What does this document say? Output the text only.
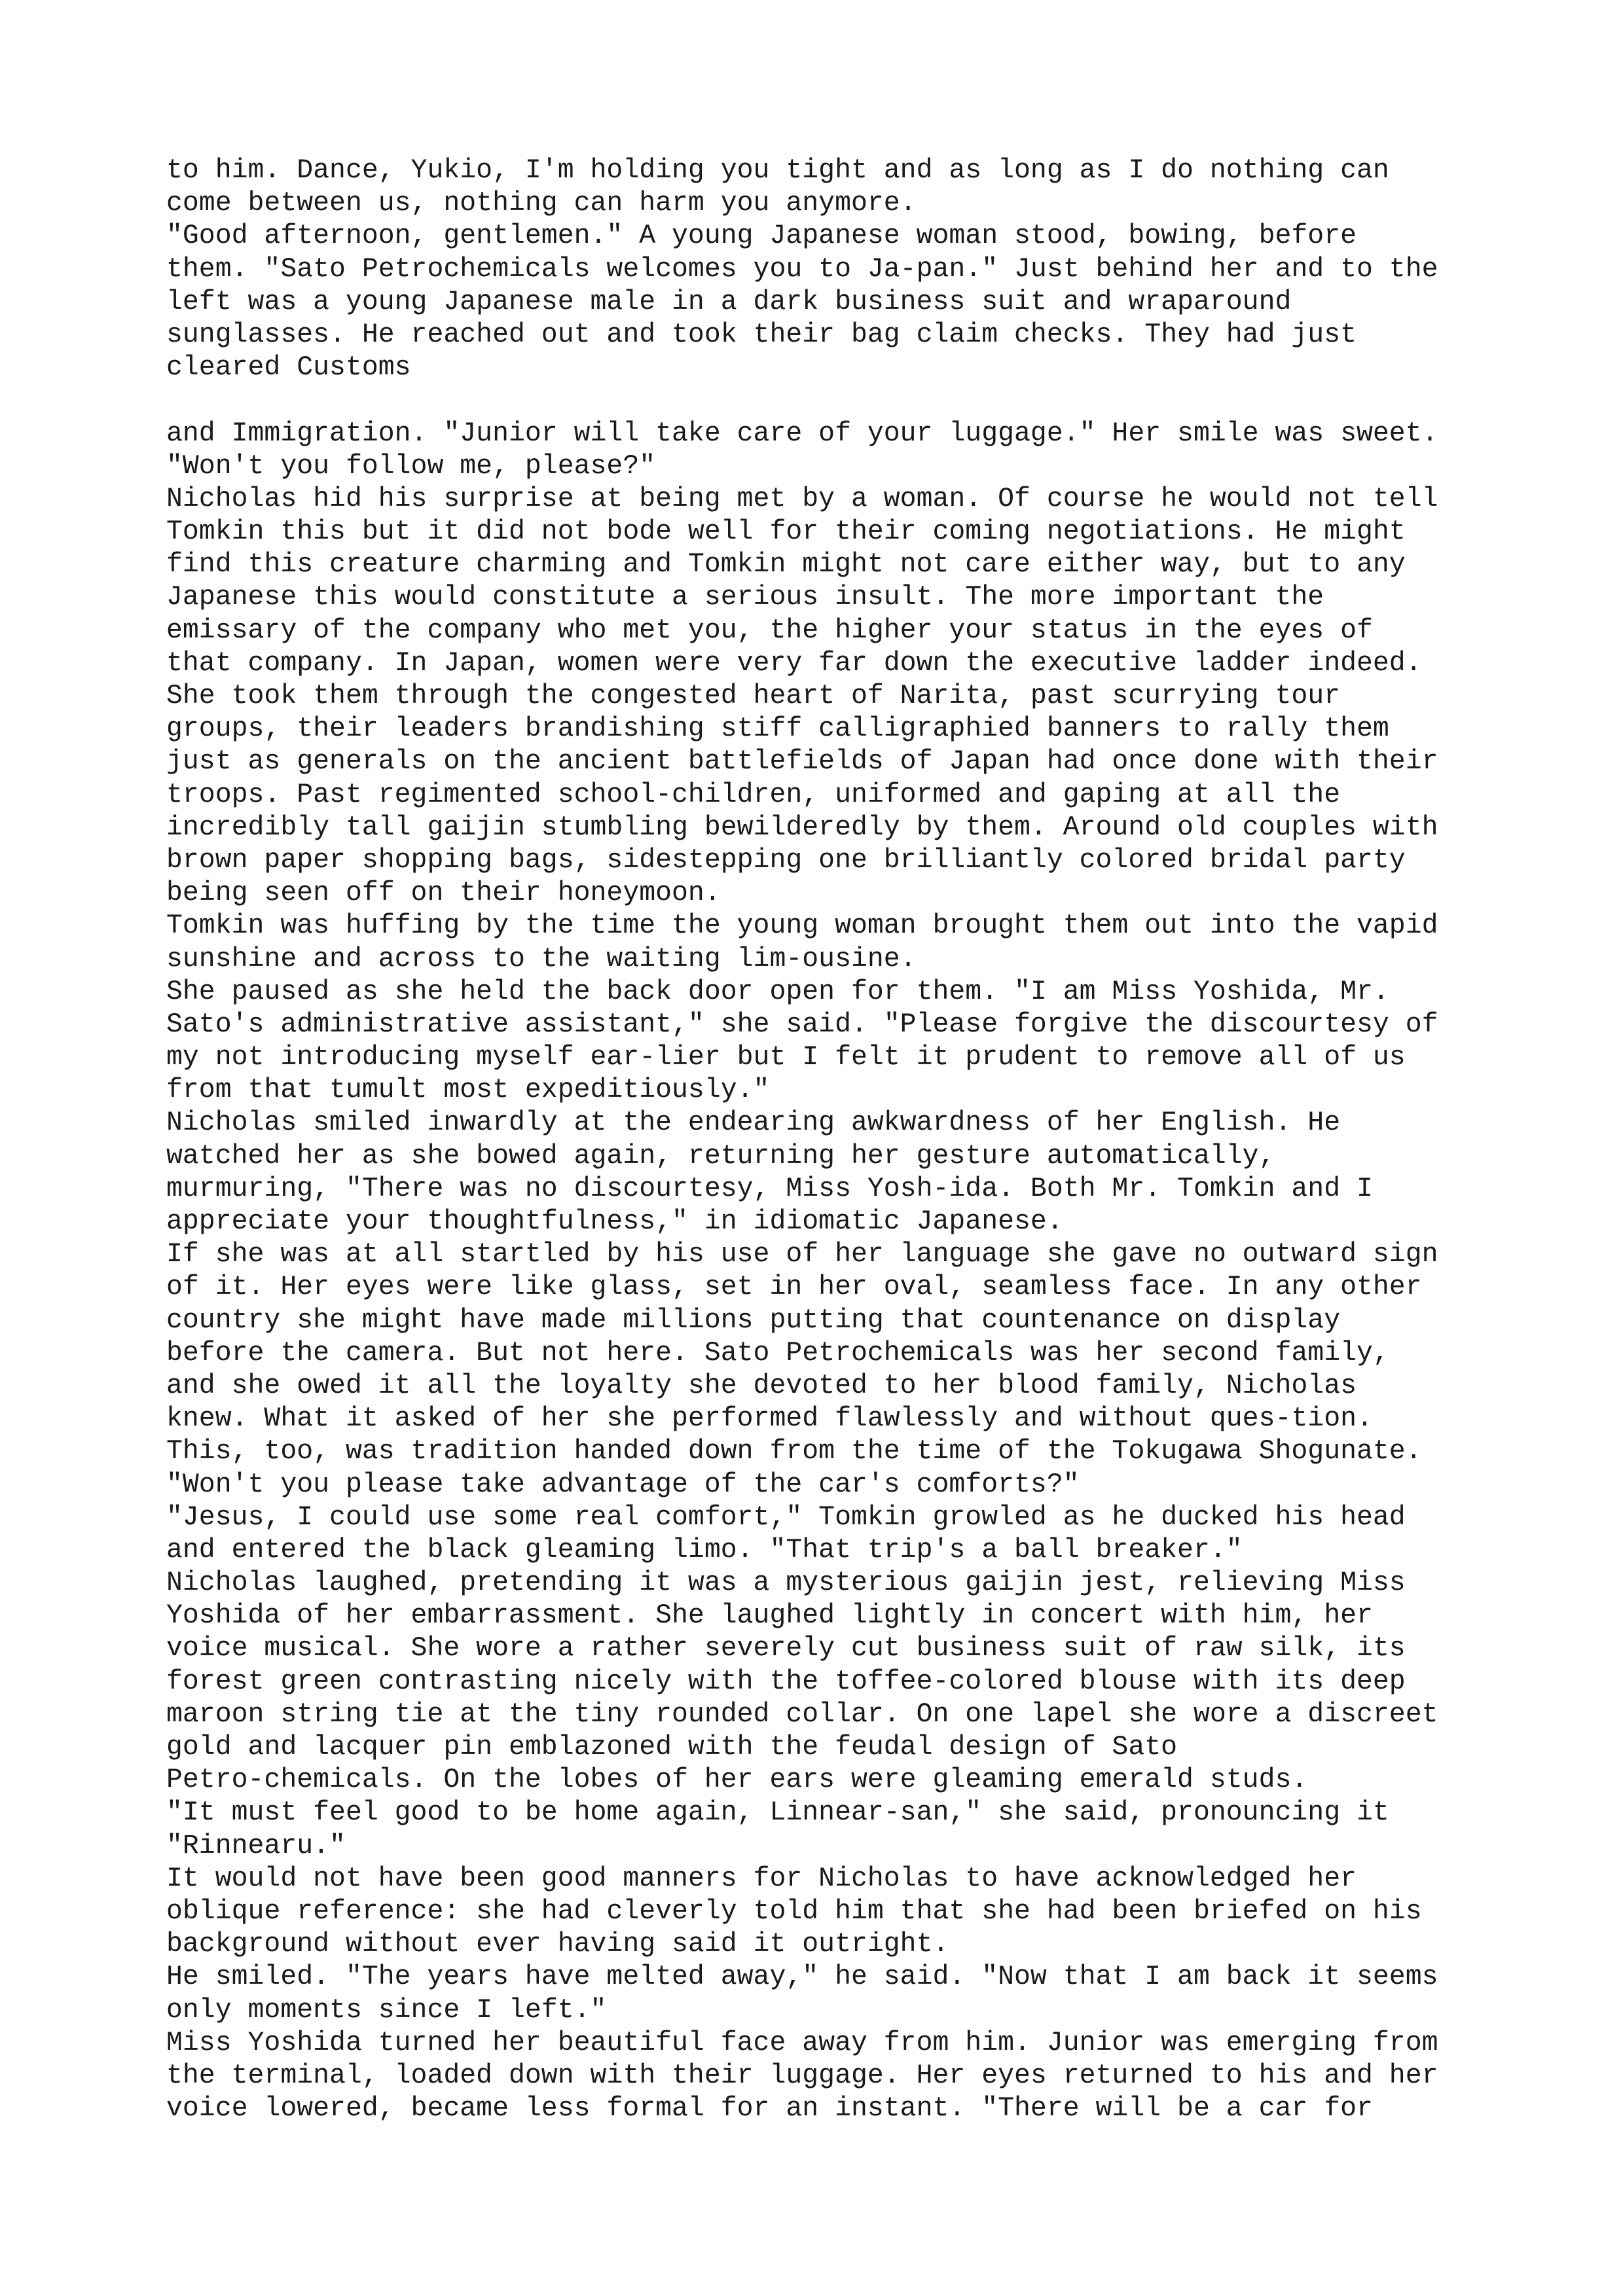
to him. Dance, Yukio, I'm holding you tight and as long as I do nothing can
come between us, nothing can harm you anymore.
"Good afternoon, gentlemen." A young Japanese woman stood, bowing, before
them. "Sato Petrochemicals welcomes you to Ja-pan." Just behind her and to the
left was a young Japanese male in a dark business suit and wraparound
sunglasses. He reached out and took their bag claim checks. They had just
cleared Customs
and Immigration. "Junior will take care of your luggage." Her smile was sweet.
"Won't you follow me, please?"
Nicholas hid his surprise at being met by a woman. Of course he would not tell
Tomkin this but it did not bode well for their coming negotiations. He might
find this creature charming and Tomkin might not care either way, but to any
Japanese this would constitute a serious insult. The more important the
emissary of the company who met you, the higher your status in the eyes of
that company. In Japan, women were very far down the executive ladder indeed.
She took them through the congested heart of Narita, past scurrying tour
groups, their leaders brandishing stiff calligraphied banners to rally them
just as generals on the ancient battlefields of Japan had once done with their
troops. Past regimented school-children, uniformed and gaping at all the
incredibly tall gaijin stumbling bewilderedly by them. Around old couples with
brown paper shopping bags, sidestepping one brilliantly colored bridal party
being seen off on their honeymoon.
Tomkin was huffing by the time the young woman brought them out into the vapid
sunshine and across to the waiting lim-ousine.
She paused as she held the back door open for them. "I am Miss Yoshida, Mr.
Sato's administrative assistant," she said. "Please forgive the discourtesy of
my not introducing myself ear-lier but I felt it prudent to remove all of us
from that tumult most expeditiously."
Nicholas smiled inwardly at the endearing awkwardness of her English. He
watched her as she bowed again, returning her gesture automatically,
murmuring, "There was no discourtesy, Miss Yosh-ida. Both Mr. Tomkin and I
appreciate your thoughtfulness," in idiomatic Japanese.
If she was at all startled by his use of her language she gave no outward sign
of it. Her eyes were like glass, set in her oval, seamless face. In any other
country she might have made millions putting that countenance on display
before the camera. But not here. Sato Petrochemicals was her second family,
and she owed it all the loyalty she devoted to her blood family, Nicholas
knew. What it asked of her she performed flawlessly and without ques-tion.
This, too, was tradition handed down from the time of the Tokugawa Shogunate.
"Won't you please take advantage of the car's comforts?"
"Jesus, I could use some real comfort," Tomkin growled as he ducked his head
and entered the black gleaming limo. "That trip's a ball breaker."
Nicholas laughed, pretending it was a mysterious gaijin jest, relieving Miss
Yoshida of her embarrassment. She laughed lightly in concert with him, her
voice musical. She wore a rather severely cut business suit of raw silk, its
forest green contrasting nicely with the toffee-colored blouse with its deep
maroon string tie at the tiny rounded collar. On one lapel she wore a discreet
gold and lacquer pin emblazoned with the feudal design of Sato
Petro-chemicals. On the lobes of her ears were gleaming emerald studs.
"It must feel good to be home again, Linnear-san," she said, pronouncing it
"Rinnearu."
It would not have been good manners for Nicholas to have acknowledged her
oblique reference: she had cleverly told him that she had been briefed on his
background without ever having said it outright.
He smiled. "The years have melted away," he said. "Now that I am back it seems
only moments since I left."
Miss Yoshida turned her beautiful face away from him. Junior was emerging from
the terminal, loaded down with their luggage. Her eyes returned to his and her
voice lowered, became less formal for an instant. "There will be a car for
